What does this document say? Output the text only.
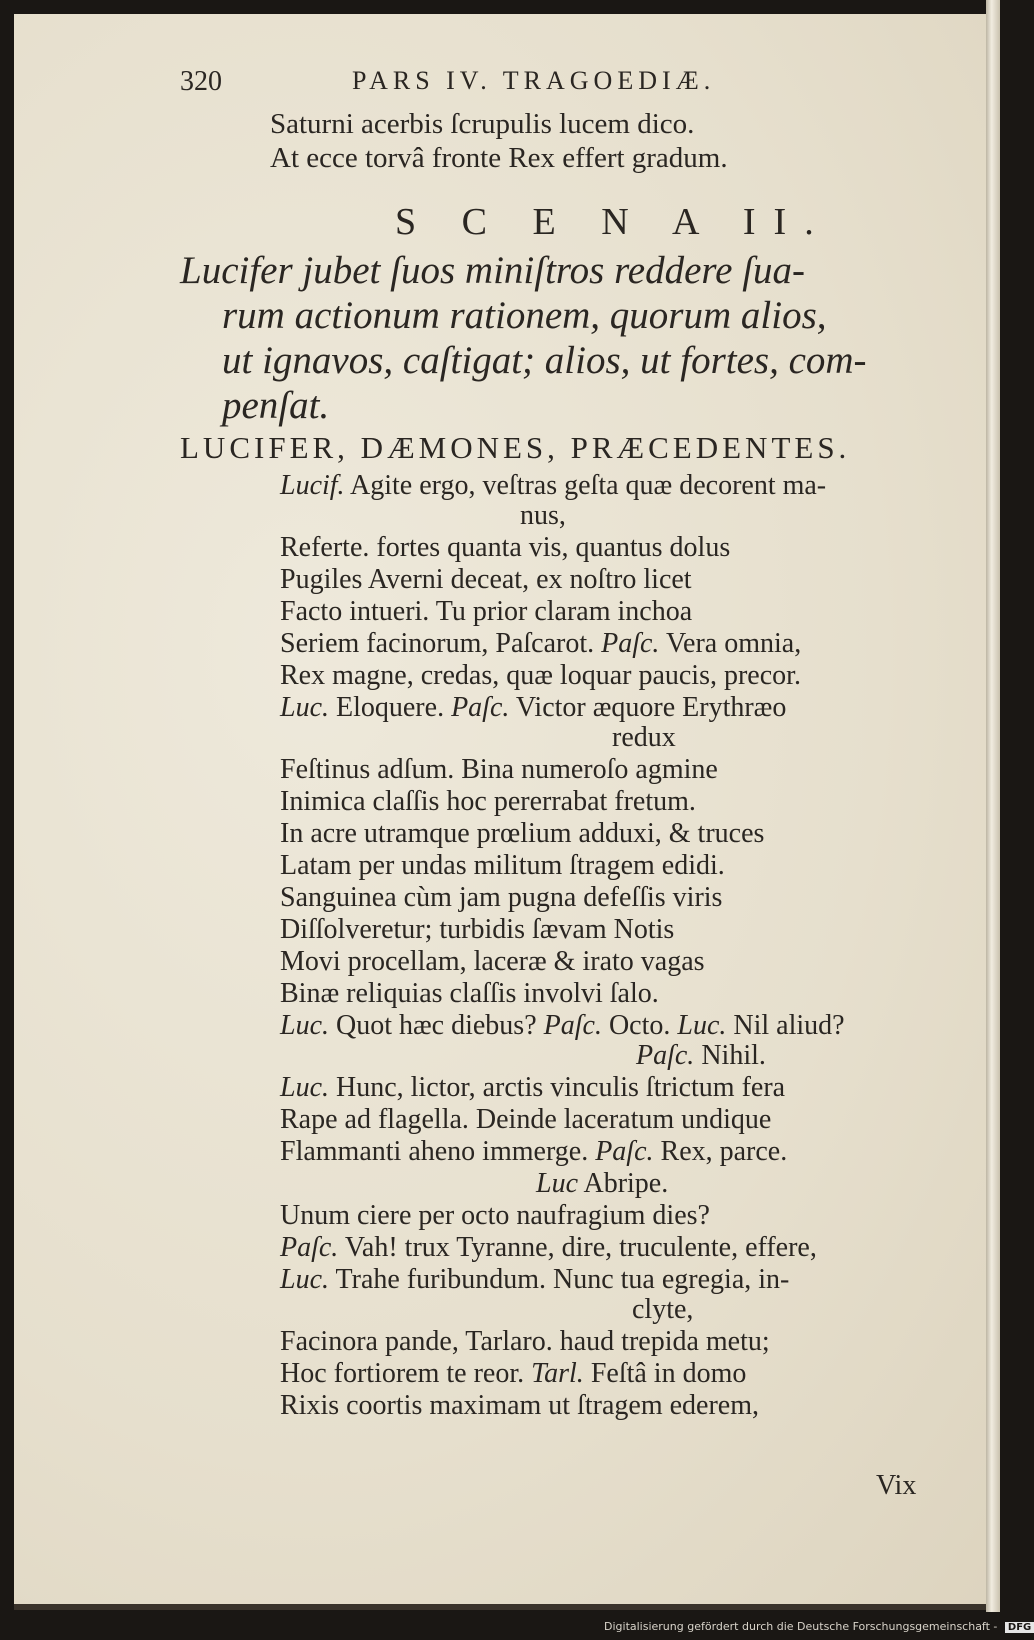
320	PARS IV. TRAGOEDIÆ.
Saturni acerbis ſcrupulis lucem dico.
At ecce torvâ fronte Rex effert gradum.
S C E N A II.
Lucifer jubet ſuos miniſtros reddere ſua-
rum actionum rationem, quorum alios,
ut ignavos, caſtigat; alios, ut fortes, com-
penſat.
LUCIFER, DÆMONES, PRÆCEDENTES.
Lucif. Agite ergo, veſtras geſta quæ decorent ma-
nus,
Referte. fortes quanta vis, quantus dolus
Pugiles Averni deceat, ex noſtro licet
Facto intueri. Tu prior claram inchoa
Seriem facinorum, Paſcarot. Paſc. Vera omnia,
Rex magne, credas, quæ loquar paucis, precor.
Luc. Eloquere. Paſc. Victor æquore Erythræo
redux
Feſtinus adſum. Bina numeroſo agmine
Inimica claſſis hoc pererrabat fretum.
In acre utramque prœlium adduxi, & truces
Latam per undas militum ſtragem edidi.
Sanguinea cùm jam pugna defeſſis viris
Diſſolveretur; turbidis ſævam Notis
Movi procellam, laceræ & irato vagas
Binæ reliquias claſſis involvi ſalo.
Luc. Quot hæc diebus? Paſc. Octo. Luc. Nil aliud?
Paſc. Nihil.
Luc. Hunc, lictor, arctis vinculis ſtrictum fera
Rape ad flagella. Deinde laceratum undique
Flammanti aheno immerge. Paſc. Rex, parce.
Luc Abripe.
Unum ciere per octo naufragium dies?
Paſc. Vah! trux Tyranne, dire, truculente, effere,
Luc. Trahe furibundum. Nunc tua egregia, in-
clyte,
Facinora pande, Tarlaro. haud trepida metu;
Hoc fortiorem te reor. Tarl. Feſtâ in domo
Rixis coortis maximam ut ſtragem ederem,
Vix
Digitalisierung gefördert durch die Deutsche Forschungsgemeinschaft - DFG
